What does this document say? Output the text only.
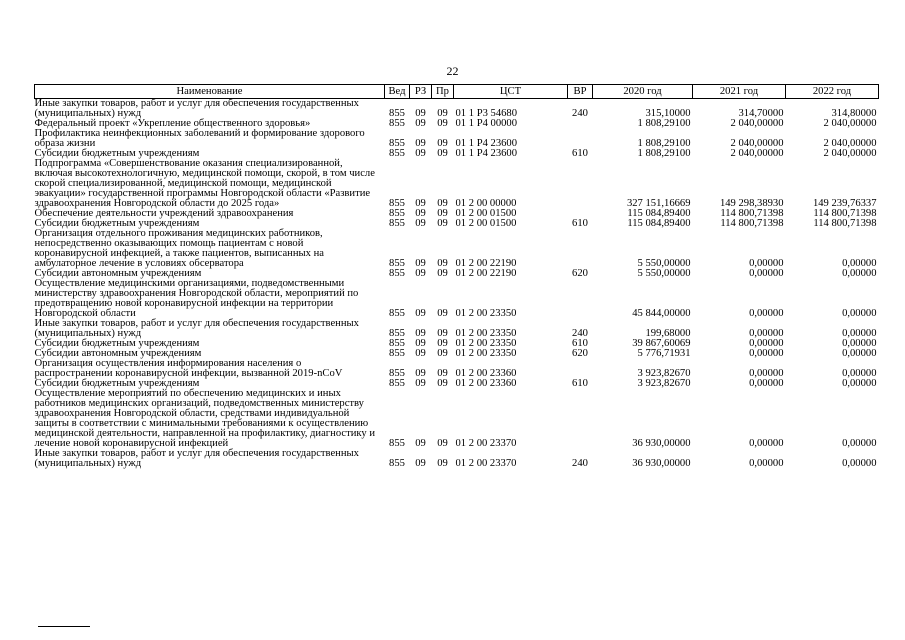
22
Наименование	Вед	РЗ	Пр	ЦСТ	ВР	2020 год	2021 год	2022 год
Иные закупки товаров, работ и услуг для обеспечения государственных (муниципальных) нужд	855	09	09	01 1 Р3 54680	240	315,10000	314,70000	314,80000
Федеральный проект «Укрепление общественного здоровья»	855	09	09	01 1 Р4 00000		1 808,29100	2 040,00000	2 040,00000
Профилактика неинфекционных заболеваний и формирование здорового образа жизни	855	09	09	01 1 Р4 23600		1 808,29100	2 040,00000	2 040,00000
Субсидии бюджетным учреждениям	855	09	09	01 1 Р4 23600	610	1 808,29100	2 040,00000	2 040,00000
Подпрограмма «Совершенствование оказания специализированной, включая высокотехнологичную, медицинской помощи, скорой, в том числе скорой специализированной, медицинской помощи, медицинской эвакуации» государственной программы Новгородской области «Развитие здравоохранения Новгородской области до 2025 года»	855	09	09	01 2 00 00000		327 151,16669	149 298,38930	149 239,76337
Обеспечение деятельности учреждений здравоохранения	855	09	09	01 2 00 01500		115 084,89400	114 800,71398	114 800,71398
Субсидии бюджетным учреждениям	855	09	09	01 2 00 01500	610	115 084,89400	114 800,71398	114 800,71398
Организация отдельного проживания медицинских работников, непосредственно оказывающих помощь пациентам с новой коронавирусной инфекцией, а также пациентов, выписанных на амбулаторное лечение в условиях обсерватора	855	09	09	01 2 00 22190		5 550,00000	0,00000	0,00000
Субсидии автономным учреждениям	855	09	09	01 2 00 22190	620	5 550,00000	0,00000	0,00000
Осуществление медицинскими организациями, подведомственными министерству здравоохранения Новгородской области, мероприятий по предотвращению новой коронавирусной инфекции на территории Новгородской области	855	09	09	01 2 00 23350		45 844,00000	0,00000	0,00000
Иные закупки товаров, работ и услуг для обеспечения государственных (муниципальных) нужд	855	09	09	01 2 00 23350	240	199,68000	0,00000	0,00000
Субсидии бюджетным учреждениям	855	09	09	01 2 00 23350	610	39 867,60069	0,00000	0,00000
Субсидии автономным учреждениям	855	09	09	01 2 00 23350	620	5 776,71931	0,00000	0,00000
Организация осуществления информирования населения о распространении коронавирусной инфекции, вызванной 2019-nCoV	855	09	09	01 2 00 23360		3 923,82670	0,00000	0,00000
Субсидии бюджетным учреждениям	855	09	09	01 2 00 23360	610	3 923,82670	0,00000	0,00000
Осуществление мероприятий по обеспечению медицинских и иных работников медицинских организаций, подведомственных министерству здравоохранения Новгородской области, средствами индивидуальной защиты в соответствии с минимальными требованиями к осуществлению медицинской деятельности, направленной на профилактику, диагностику и лечение новой коронавирусной инфекцией	855	09	09	01 2 00 23370		36 930,00000	0,00000	0,00000
Иные закупки товаров, работ и услуг для обеспечения государственных (муниципальных) нужд	855	09	09	01 2 00 23370	240	36 930,00000	0,00000	0,00000
